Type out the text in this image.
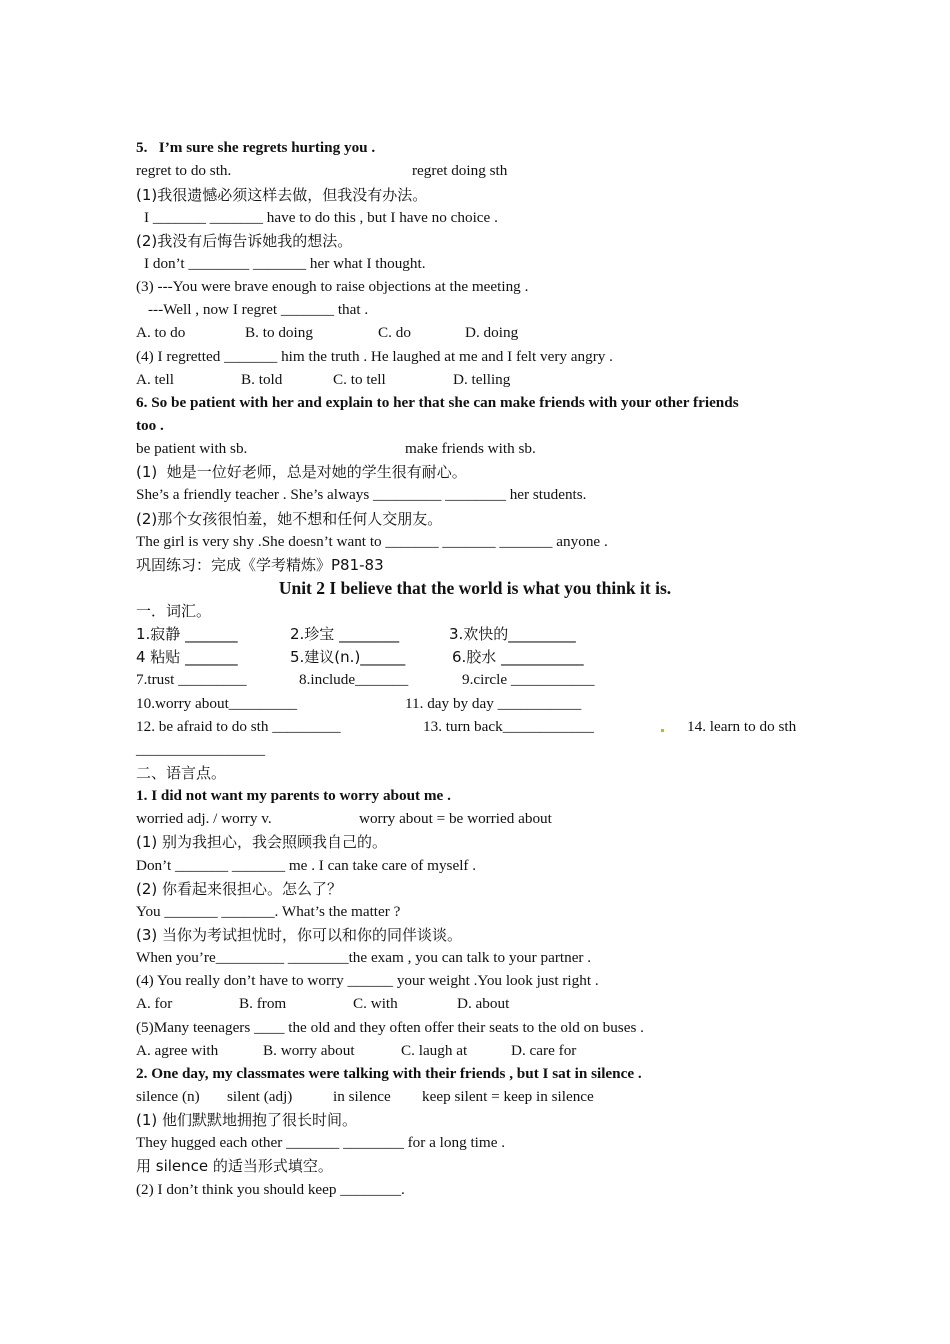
5.   I’m sure she regrets hurting you .
regret to do sth.	regret doing sth
(1)我很遗憾必须这样去做，但我没有办法。
I _______ _______ have to do this , but I have no choice .
(2)我没有后悔告诉她我的想法。
I don’t ________ _______ her what I thought.
(3) ---You were brave enough to raise objections at the meeting .
---Well , now I regret _______ that .
A. to do	B. to doing	C. do	D. doing
(4) I regretted _______ him the truth . He laughed at me and I felt very angry .
A. tell	B. told	C. to tell	D. telling
6. So be patient with her and explain to her that she can make friends with your other friends
too .
be patient with sb.	make friends with sb.
(1)  她是一位好老师，总是对她的学生很有耐心。
She’s a friendly teacher . She’s always _________ ________ her students.
(2)那个女孩很怕羞，她不想和任何人交朋友。
The girl is very shy .She doesn’t want to _______ _______ _______ anyone .
巩固练习：完成《学考精炼》P81-83
Unit 2 I believe that the world is what you think it is.
一．词汇。
1.寂静 _______	2.珍宝 ________	3.欢快的_________
4 粘贴 _______	5.建议(n.)______	6.胶水 ___________
7.trust _________	8.include_______	9.circle ___________
10.worry about_________	11. day by day ___________
12. be afraid to do sth _________	13. turn back____________	14. learn to do sth
_________________
二、语言点。
1. I did not want my parents to worry about me .
worried adj. / worry v.	worry about = be worried about
(1) 别为我担心，我会照顾我自己的。
Don’t _______ _______ me . I can take care of myself .
(2) 你看起来很担心。怎么了？
You _______ _______. What’s the matter ?
(3) 当你为考试担忧时，你可以和你的同伴谈谈。
When you’re_________ ________the exam , you can talk to your partner .
(4) You really don’t have to worry ______ your weight .You look just right .
A. for	B. from	C. with	D. about
(5)Many teenagers ____ the old and they often offer their seats to the old on buses .
A. agree with	B. worry about	C. laugh at	D. care for
2. One day, my classmates were talking with their friends , but I sat in silence .
silence (n) silent (adj)	in silence keep silent = keep in silence
(1) 他们默默地拥抱了很长时间。
They hugged each other _______ ________ for a long time .
用 silence 的适当形式填空。
(2) I don’t think you should keep ________.
